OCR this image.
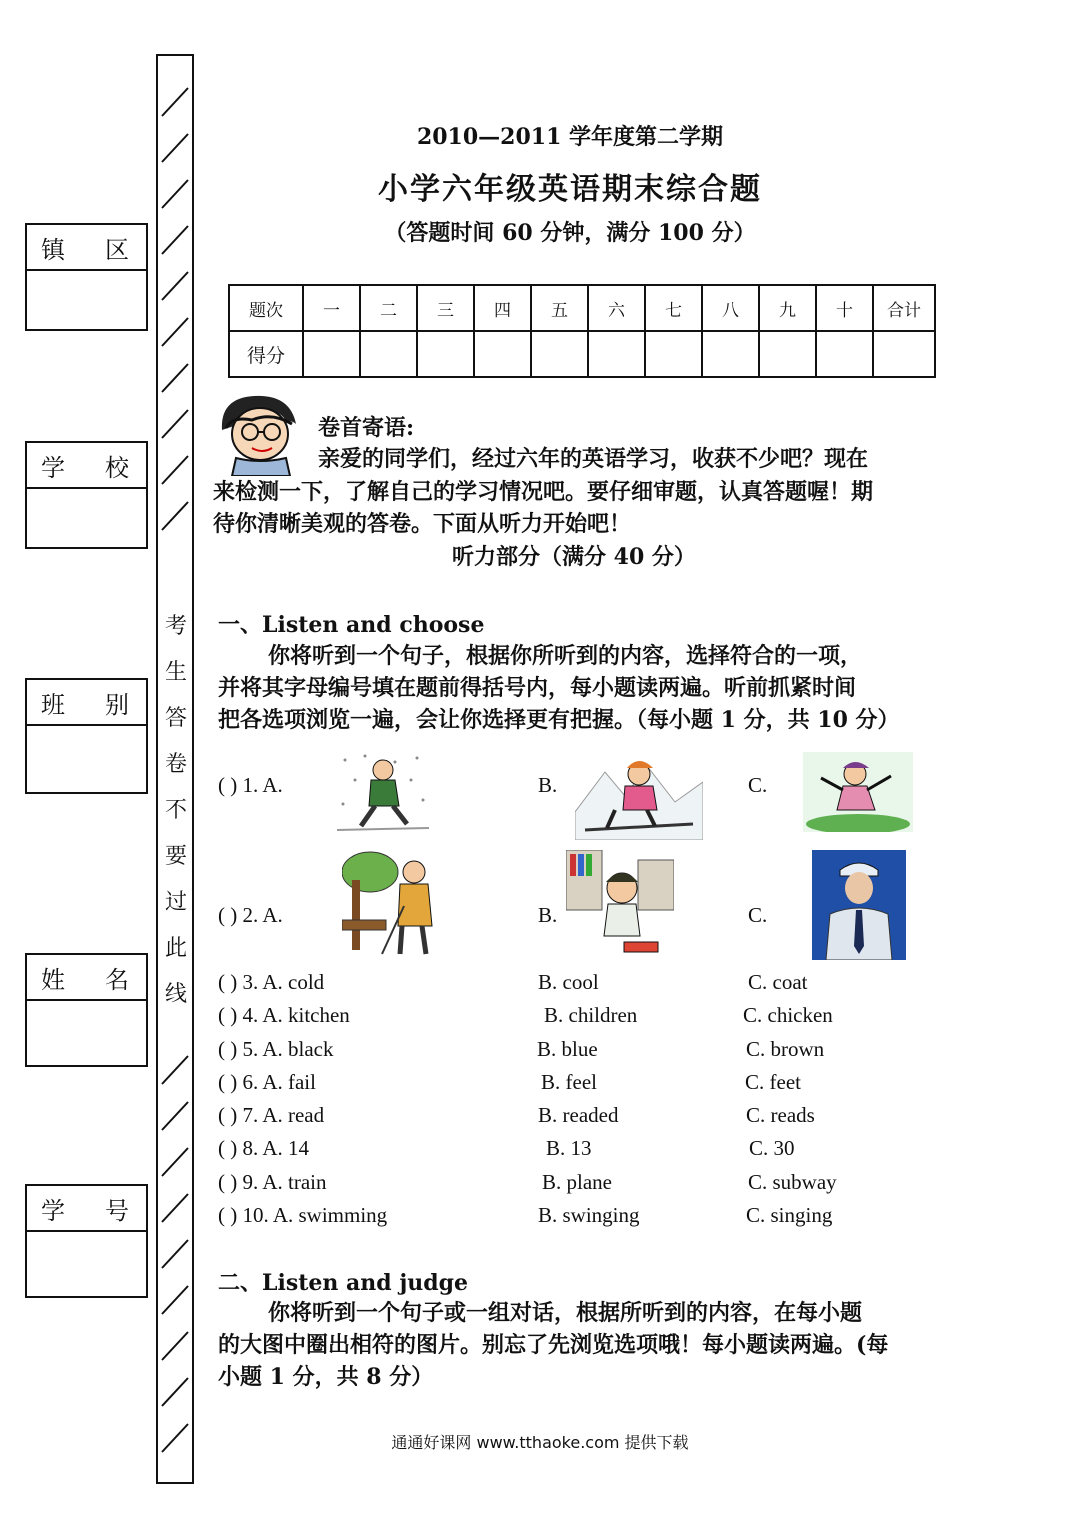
镇 区
学 校
班 别
姓 名
学 号
考
生
答
卷
不
要
过
此
线
2010—2011 学年度第二学期
小学六年级英语期末综合题
（答题时间 60 分钟，满分 100 分）
题次	一	二	三	四	五	六	七	八	九	十	合计
得分											
卷首寄语:
亲爱的同学们，经过六年的英语学习，收获不少吧？现在
来检测一下，了解自己的学习情况吧。要仔细审题，认真答题喔！期
待你清晰美观的答卷。下面从听力开始吧！
听力部分（满分 40 分）
一、Listen and choose
你将听到一个句子，根据你所听到的内容，选择符合的一项，
并将其字母编号填在题前得括号内，每小题读两遍。听前抓紧时间
把各选项浏览一遍，会让你选择更有把握。（每小题 1 分，共 10 分）
( ) 1. A.	B.	C.
( ) 2. A.	B.	C.
( ) 3. A. cold	B. cool	C. coat
( ) 4. A. kitchen	B. children	C. chicken
( ) 5. A. black	B. blue	C. brown
( ) 6. A. fail	B. feel	C. feet
( ) 7. A. read	B. readed	C. reads
( ) 8. A. 14	B. 13	C. 30
( ) 9. A. train	B. plane	C. subway
( ) 10. A. swimming	B. swinging	C. singing
二、Listen and judge
你将听到一个句子或一组对话，根据所听到的内容，在每小题
的大图中圈出相符的图片。别忘了先浏览选项哦！每小题读两遍。(每
小题 1 分，共 8 分）
通通好课网 www.tthaoke.com 提供下载
